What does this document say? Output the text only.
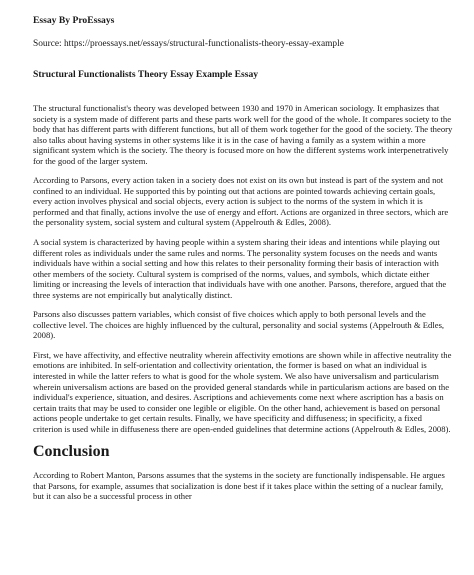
Essay By ProEssays
Source: https://proessays.net/essays/structural-functionalists-theory-essay-example
Structural Functionalists Theory Essay Example Essay

The structural functionalist's theory was developed between 1930 and 1970 in American sociology. It emphasizes that society is a system made of different parts and these parts work well for the good of the whole. It compares society to the body that has different parts with different functions, but all of them work together for the good of the society. The theory also talks about having systems in other systems like it is in the case of having a family as a system within a more significant system which is the society. The theory is focused more on how the different systems work interpenetratively for the good of the larger system.

According to Parsons, every action taken in a society does not exist on its own but instead is part of the system and not confined to an individual. He supported this by pointing out that actions are pointed towards achieving certain goals, every action involves physical and social objects, every action is subject to the norms of the system in which it is performed and that finally, actions involve the use of energy and effort. Actions are organized in three sectors, which are the personality system, social system and cultural system (Appelrouth & Edles, 2008).

A social system is characterized by having people within a system sharing their ideas and intentions while playing out different roles as individuals under the same rules and norms. The personality system focuses on the needs and wants individuals have within a social setting and how this relates to their personality forming their basis of interaction with other members of the society. Cultural system is comprised of the norms, values, and symbols, which dictate either limiting or increasing the levels of interaction that individuals have with one another. Parsons, therefore, argued that the three systems are not empirically but analytically distinct.

Parsons also discusses pattern variables, which consist of five choices which apply to both personal levels and the collective level. The choices are highly influenced by the cultural, personality and social systems (Appelrouth & Edles, 2008).

First, we have affectivity, and effective neutrality wherein affectivity emotions are shown while in affective neutrality the emotions are inhibited. In self-orientation and collectivity orientation, the former is based on what an individual is interested in while the latter refers to what is good for the whole system. We also have universalism and particularism wherein universalism actions are based on the provided general standards while in particularism actions are based on the individual's experience, situation, and desires. Ascriptions and achievements come next where ascription has a basis on certain traits that may be used to consider one legible or eligible. On the other hand, achievement is based on personal actions people undertake to get certain results. Finally, we have specificity and diffuseness; in specificity, a fixed criterion is used while in diffuseness there are open-ended guidelines that determine actions (Appelrouth & Edles, 2008).

Conclusion

According to Robert Manton, Parsons assumes that the systems in the society are functionally indispensable. He argues that Parsons, for example, assumes that socialization is done best if it takes place within the setting of a nuclear family, but it can also be a successful process in other
